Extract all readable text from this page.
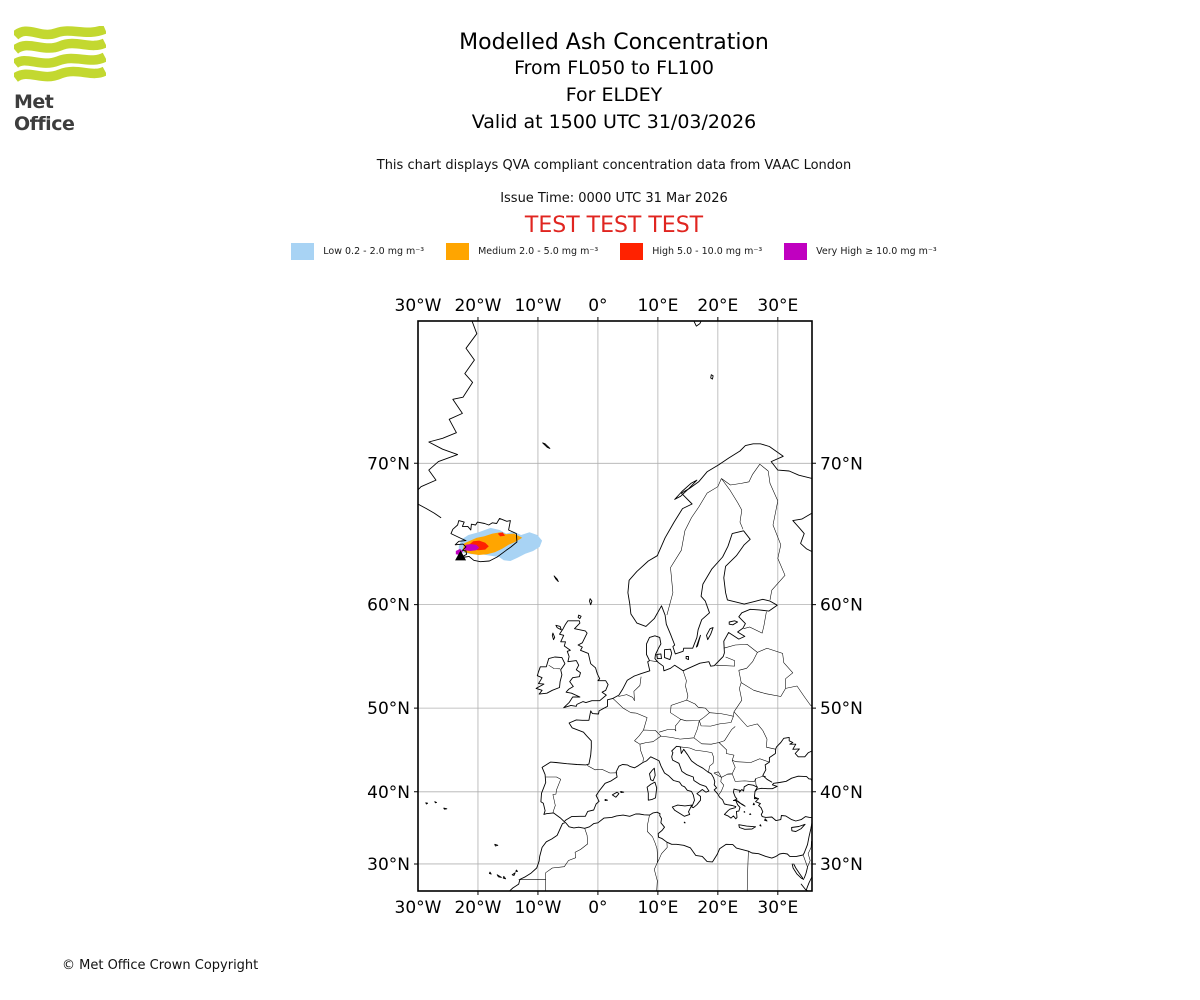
Met Office
Modelled Ash Concentration
From FL050 to FL100
For ELDEY
Valid at 1500 UTC 31/03/2026
This chart displays QVA compliant concentration data from VAAC London
Issue Time: 0000 UTC 31 Mar 2026
TEST TEST TEST
Low 0.2 - 2.0 mg m⁻³	Medium 2.0 - 5.0 mg m⁻³	High 5.0 - 10.0 mg m⁻³	Very High ≥ 10.0 mg m⁻³
30°W
30°W
20°W
20°W
10°W
10°W
0°
0°
10°E
10°E
20°E
20°E
30°E
30°E
70°N	70°N
60°N	60°N
50°N	50°N
40°N	40°N
30°N	30°N
© Met Office Crown Copyright
